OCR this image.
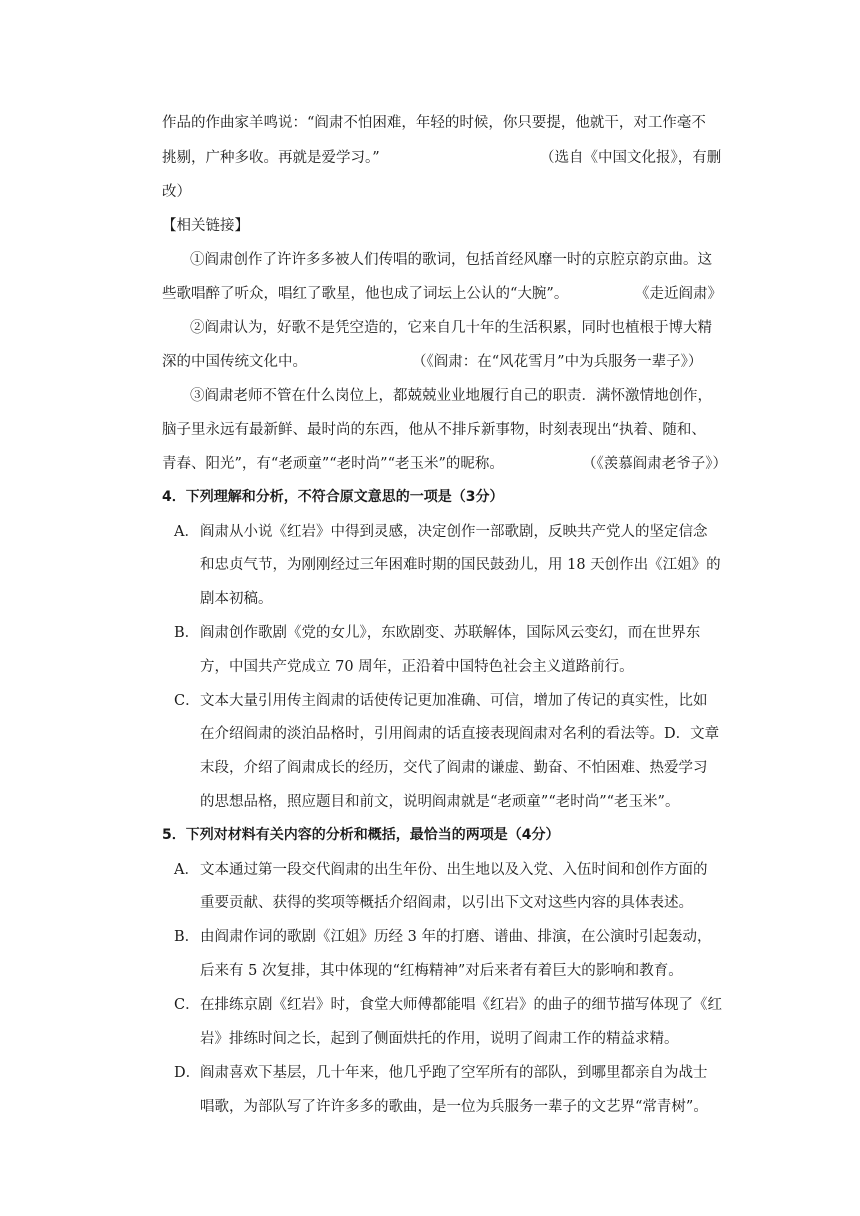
作品的作曲家羊鸣说：“阎肃不怕困难，年轻的时候，你只要提，他就干，对工作毫不
挑剔，广种多收。再就是爱学习。”	（选自《中国文化报》，有删
改）
【相关链接】
①阎肃创作了许许多多被人们传唱的歌词，包括首经风靡一时的京腔京韵京曲。这
些歌唱醉了听众，唱红了歌星，他也成了词坛上公认的“大腕”。	《走近阎肃》
②阎肃认为，好歌不是凭空造的，它来自几十年的生活积累，同时也植根于博大精
深的中国传统文化中。	（《阎肃：在“风花雪月”中为兵服务一辈子》）
③阎肃老师不管在什么岗位上，都兢兢业业地履行自己的职责．满怀激情地创作，
脑子里永远有最新鲜、最时尚的东西，他从不排斥新事物，时刻表现出“执着、随和、
青春、阳光”，有“老顽童”“老时尚”“老玉米”的昵称。	（《羡慕阎肃老爷子》）
4．下列理解和分析，不符合原文意思的一项是（3分）
A． 阎肃从小说《红岩》中得到灵感，决定创作一部歌剧，反映共产党人的坚定信念
和忠贞气节，为刚刚经过三年困难时期的国民鼓劲儿，用 18 天创作出《江姐》的
剧本初稿。
B． 阎肃创作歌剧《党的女儿》，东欧剧变、苏联解体，国际风云变幻，而在世界东
方，中国共产党成立 70 周年，正沿着中国特色社会主义道路前行。
C． 文本大量引用传主阎肃的话使传记更加准确、可信，增加了传记的真实性，比如
在介绍阎肃的淡泊品格时，引用阎肃的话直接表现阎肃对名利的看法等。D．文章
末段，介绍了阎肃成长的经历，交代了阎肃的谦虚、勤奋、不怕困难、热爱学习
的思想品格，照应题目和前文，说明阎肃就是“老顽童”“老时尚”“老玉米”。
5．下列对材料有关内容的分析和概括，最恰当的两项是（4分）
A． 文本通过第一段交代阎肃的出生年份、出生地以及入党、入伍时间和创作方面的
重要贡献、获得的奖项等概括介绍阎肃，以引出下文对这些内容的具体表述。
B． 由阎肃作词的歌剧《江姐》历经 3 年的打磨、谱曲、排演，在公演时引起轰动，
后来有 5 次复排，其中体现的“红梅精神”对后来者有着巨大的影响和教育。
C． 在排练京剧《红岩》时，食堂大师傅都能唱《红岩》的曲子的细节描写体现了《红
岩》排练时间之长，起到了侧面烘托的作用，说明了阎肃工作的精益求精。
D． 阎肃喜欢下基层，几十年来，他几乎跑了空军所有的部队，到哪里都亲自为战士
唱歌，为部队写了许许多多的歌曲，是一位为兵服务一辈子的文艺界“常青树”。
